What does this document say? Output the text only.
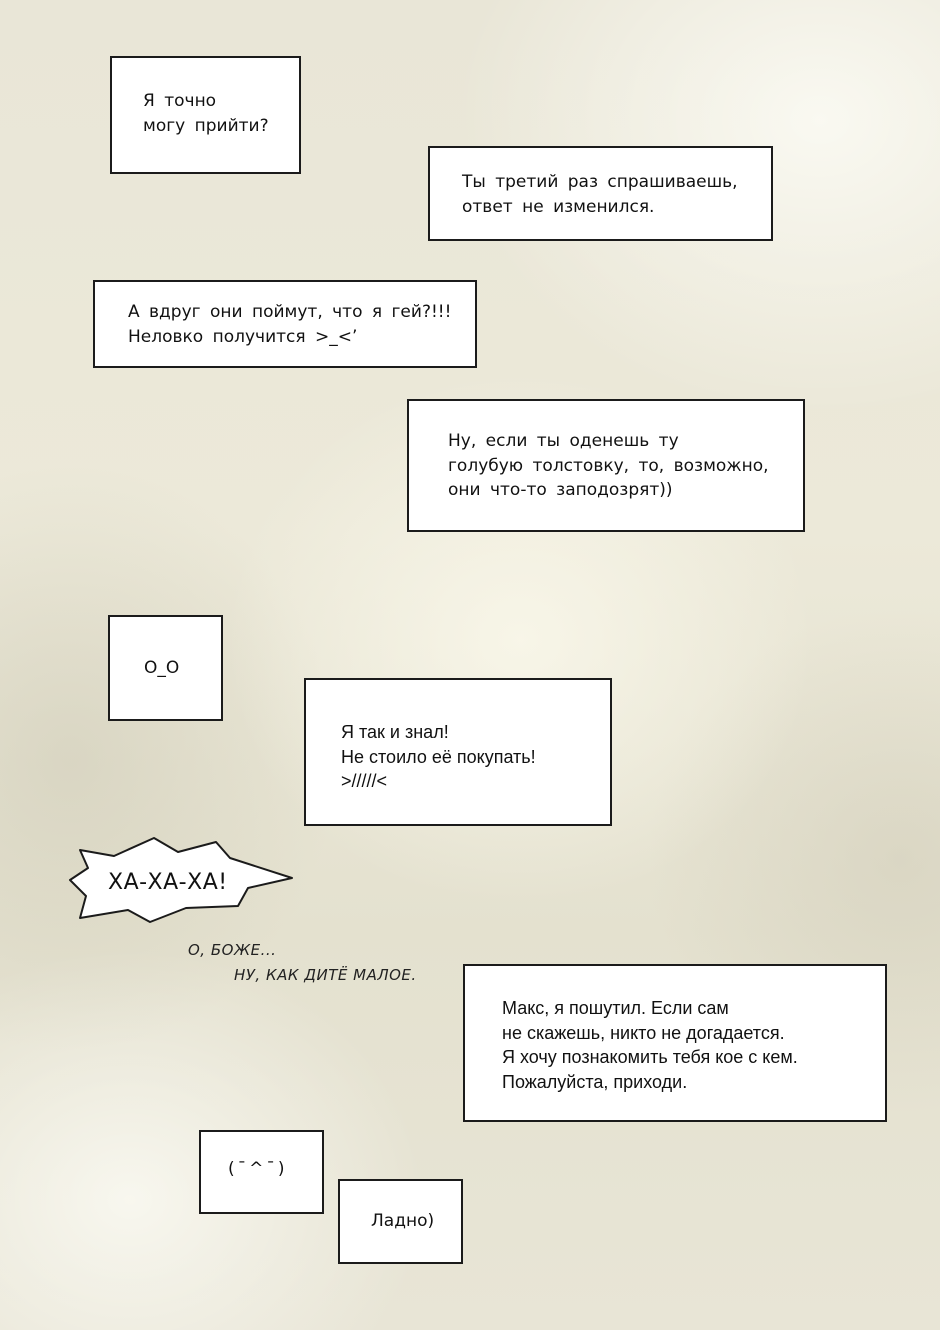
Я точно
могу прийти?
Ты третий раз спрашиваешь,
ответ не изменился.
А вдруг они поймут, что я гей?!!!
Неловко получится >_<’
Ну, если ты оденешь ту
голубую толстовку, то, возможно,
они что-то заподозрят))
O_O
Я так и знал!
Не стоило её покупать!
>/////<
ХА-ХА-ХА!
О, БОЖЕ...
НУ, КАК ДИТЁ МАЛОЕ.
Макс, я пошутил. Если сам
не скажешь, никто не догадается.
Я хочу познакомить тебя кое с кем.
Пожалуйста, приходи.
(¯^¯)
Ладно)
